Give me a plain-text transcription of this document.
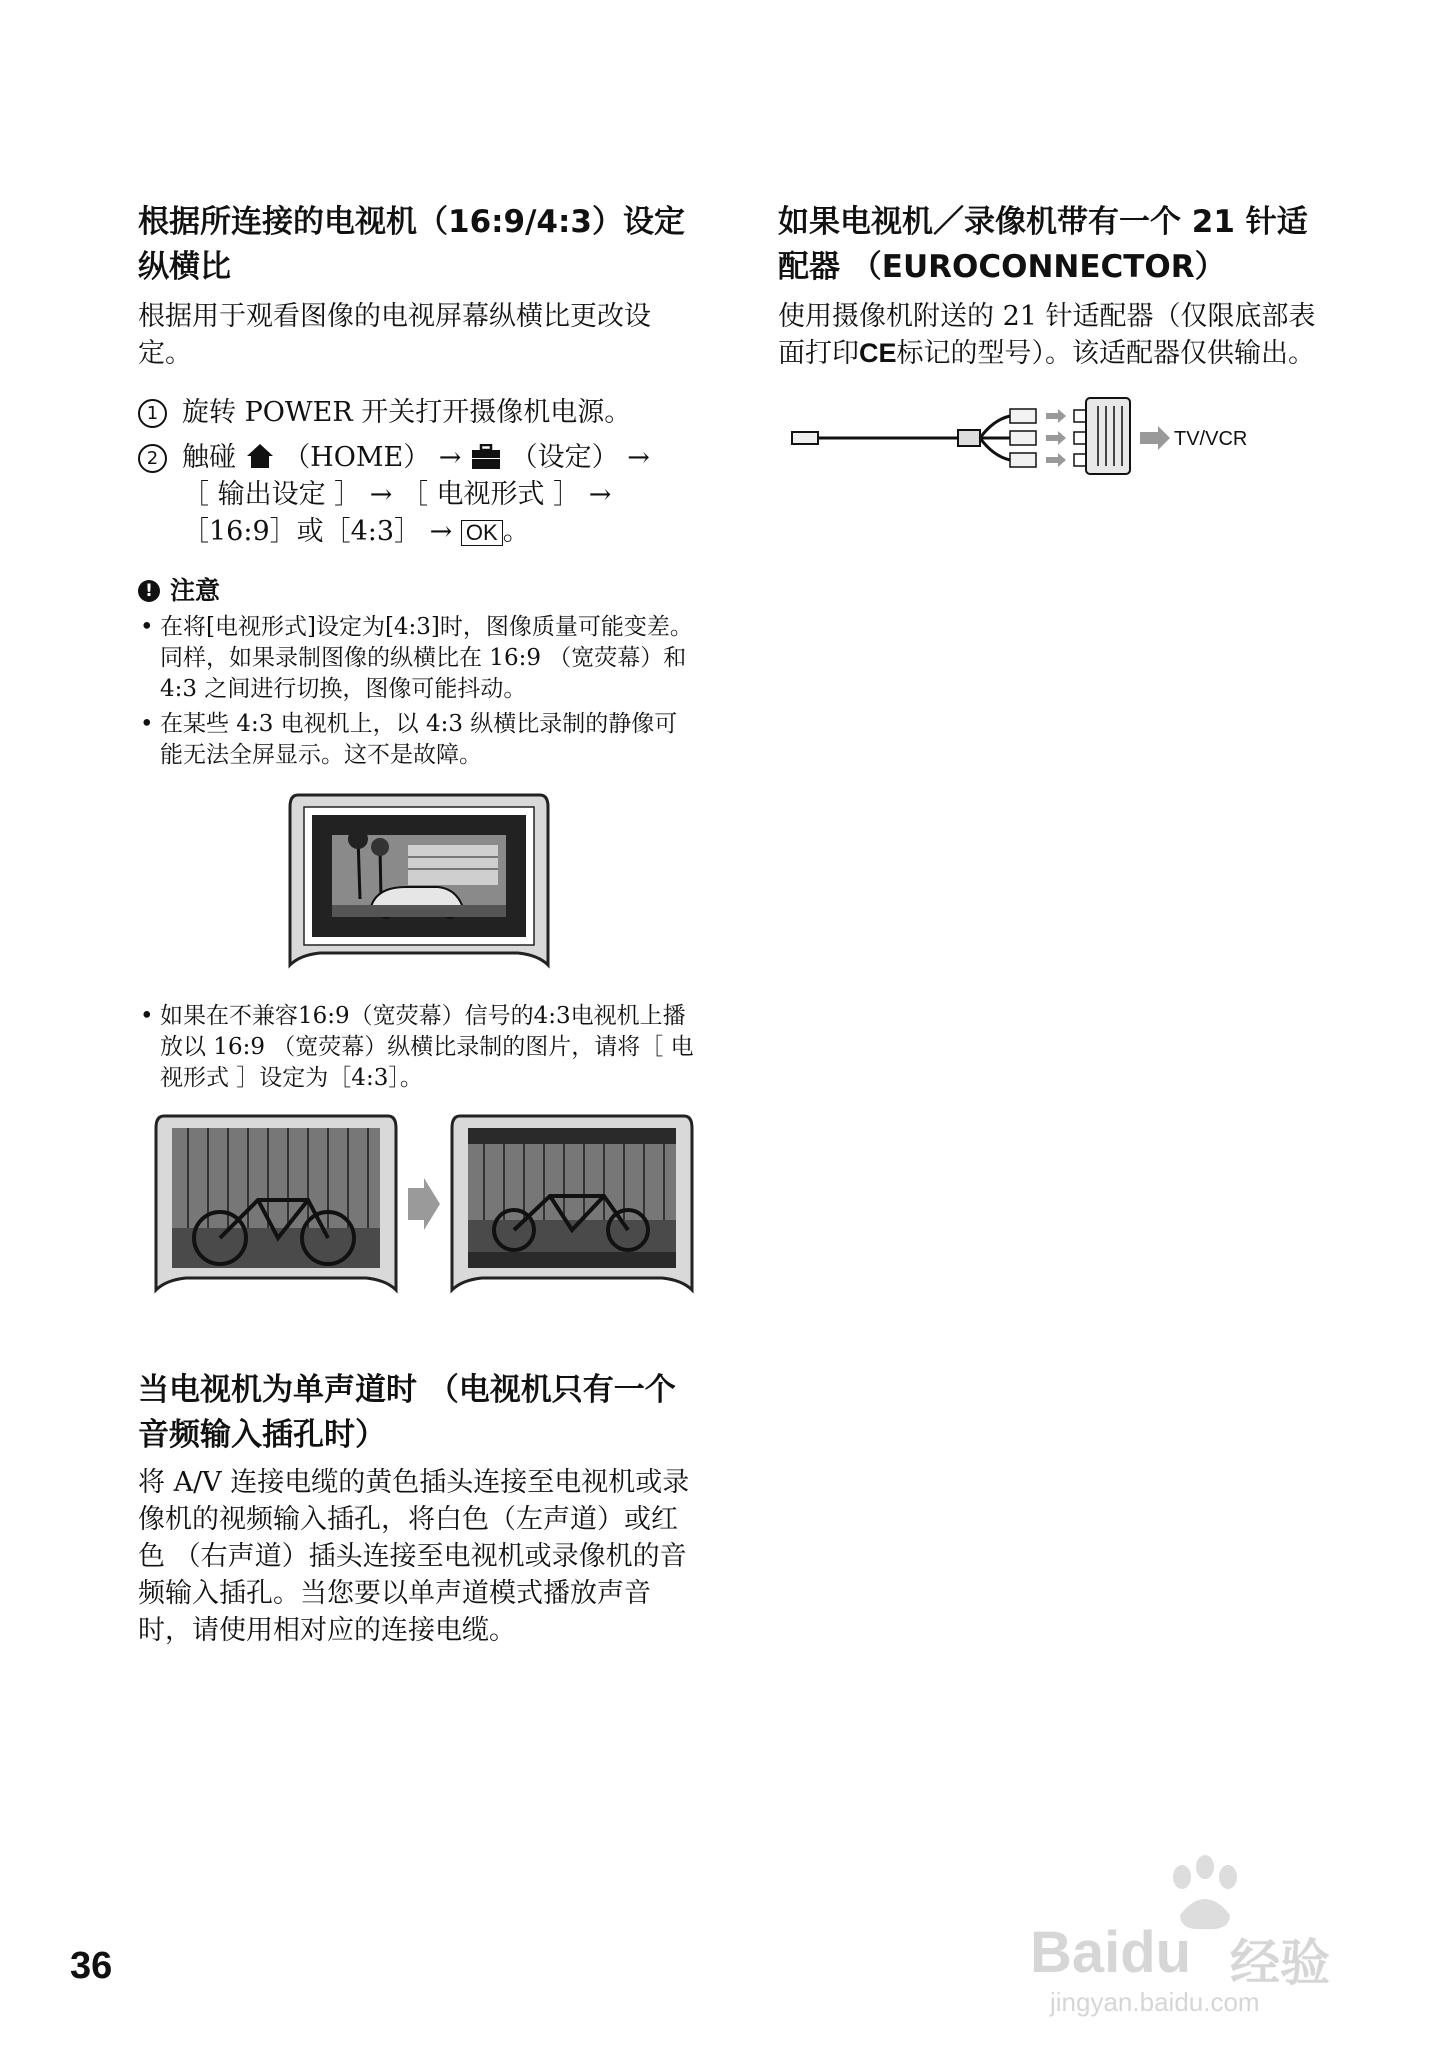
根据所连接的电视机（16:9/4:3）设定纵横比

根据用于观看图像的电视屏幕纵横比更改设定。

1 旋转 POWER 开关打开摄像机电源。
2 触碰 （HOME） → （设定） →
［ 输出设定 ］ → ［ 电视形式 ］ →
［16:9］或［4:3］ → OK 。
! 注意
• 在将[电视形式]设定为[4:3]时，图像质量可能变差。同样，如果录制图像的纵横比在 16:9 （宽荧幕）和 4:3 之间进行切换，图像可能抖动。
• 在某些 4:3 电视机上，以 4:3 纵横比录制的静像可能无法全屏显示。这不是故障。
• 如果在不兼容16:9（宽荧幕）信号的4:3电视机上播放以 16:9 （宽荧幕）纵横比录制的图片，请将［ 电视形式 ］设定为［4:3］。
当电视机为单声道时 （电视机只有一个音频输入插孔时）

将 A/V 连接电缆的黄色插头连接至电视机或录像机的视频输入插孔，将白色（左声道）或红色 （右声道）插头连接至电视机或录像机的音频输入插孔。当您要以单声道模式播放声音时，请使用相对应的连接电缆。

如果电视机／录像机带有一个 21 针适配器 （EUROCONNECTOR）

使用摄像机附送的 21 针适配器（仅限底部表面打印CE标记的型号）。该适配器仅供输出。

TV/VCR
36	Baidu 经验
jingyan.baidu.com
